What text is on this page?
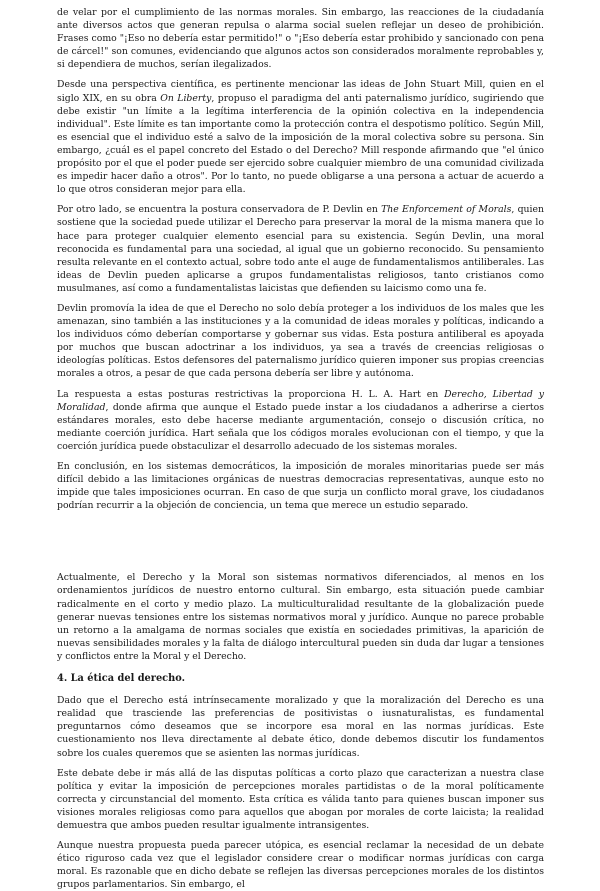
de velar por el cumplimiento de las normas morales. Sin embargo, las reacciones de la ciudadanía ante diversos actos que generan repulsa o alarma social suelen reflejar un deseo de prohibición. Frases como "¡Eso no debería estar permitido!" o "¡Eso debería estar prohibido y sancionado con pena de cárcel!" son comunes, evidenciando que algunos actos son considerados moralmente reprobables y, si dependiera de muchos, serían ilegalizados.

Desde una perspectiva científica, es pertinente mencionar las ideas de John Stuart Mill, quien en el siglo XIX, en su obra On Liberty, propuso el paradigma del anti paternalismo jurídico, sugiriendo que debe existir "un límite a la legítima interferencia de la opinión colectiva en la independencia individual". Este límite es tan importante como la protección contra el despotismo político. Según Mill, es esencial que el individuo esté a salvo de la imposición de la moral colectiva sobre su persona. Sin embargo, ¿cuál es el papel concreto del Estado o del Derecho? Mill responde afirmando que "el único propósito por el que el poder puede ser ejercido sobre cualquier miembro de una comunidad civilizada es impedir hacer daño a otros". Por lo tanto, no puede obligarse a una persona a actuar de acuerdo a lo que otros consideran mejor para ella.

Por otro lado, se encuentra la postura conservadora de P. Devlin en The Enforcement of Morals, quien sostiene que la sociedad puede utilizar el Derecho para preservar la moral de la misma manera que lo hace para proteger cualquier elemento esencial para su existencia. Según Devlin, una moral reconocida es fundamental para una sociedad, al igual que un gobierno reconocido. Su pensamiento resulta relevante en el contexto actual, sobre todo ante el auge de fundamentalismos antiliberales. Las ideas de Devlin pueden aplicarse a grupos fundamentalistas religiosos, tanto cristianos como musulmanes, así como a fundamentalistas laicistas que defienden su laicismo como una fe.

Devlin promovía la idea de que el Derecho no solo debía proteger a los individuos de los males que les amenazan, sino también a las instituciones y a la comunidad de ideas morales y políticas, indicando a los individuos cómo deberían comportarse y gobernar sus vidas. Esta postura antiliberal es apoyada por muchos que buscan adoctrinar a los individuos, ya sea a través de creencias religiosas o ideologías políticas. Estos defensores del paternalismo jurídico quieren imponer sus propias creencias morales a otros, a pesar de que cada persona debería ser libre y autónoma.

La respuesta a estas posturas restrictivas la proporciona H. L. A. Hart en Derecho, Libertad y Moralidad, donde afirma que aunque el Estado puede instar a los ciudadanos a adherirse a ciertos estándares morales, esto debe hacerse mediante argumentación, consejo o discusión crítica, no mediante coerción jurídica. Hart señala que los códigos morales evolucionan con el tiempo, y que la coerción jurídica puede obstaculizar el desarrollo adecuado de los sistemas morales.

En conclusión, en los sistemas democráticos, la imposición de morales minoritarias puede ser más difícil debido a las limitaciones orgánicas de nuestras democracias representativas, aunque esto no impide que tales imposiciones ocurran. En caso de que surja un conflicto moral grave, los ciudadanos podrían recurrir a la objeción de conciencia, un tema que merece un estudio separado.

Actualmente, el Derecho y la Moral son sistemas normativos diferenciados, al menos en los ordenamientos jurídicos de nuestro entorno cultural. Sin embargo, esta situación puede cambiar radicalmente en el corto y medio plazo. La multiculturalidad resultante de la globalización puede generar nuevas tensiones entre los sistemas normativos moral y jurídico. Aunque no parece probable un retorno a la amalgama de normas sociales que existía en sociedades primitivas, la aparición de nuevas sensibilidades morales y la falta de diálogo intercultural pueden sin duda dar lugar a tensiones y conflictos entre la Moral y el Derecho.

4. La ética del derecho.

Dado que el Derecho está intrínsecamente moralizado y que la moralización del Derecho es una realidad que trasciende las preferencias de positivistas o iusnaturalistas, es fundamental preguntarnos cómo deseamos que se incorpore esa moral en las normas jurídicas. Este cuestionamiento nos lleva directamente al debate ético, donde debemos discutir los fundamentos sobre los cuales queremos que se asienten las normas jurídicas.

Este debate debe ir más allá de las disputas políticas a corto plazo que caracterizan a nuestra clase política y evitar la imposición de percepciones morales partidistas o de la moral políticamente correcta y circunstancial del momento. Esta crítica es válida tanto para quienes buscan imponer sus visiones morales religiosas como para aquellos que abogan por morales de corte laicista; la realidad demuestra que ambos pueden resultar igualmente intransigentes.

Aunque nuestra propuesta pueda parecer utópica, es esencial reclamar la necesidad de un debate ético riguroso cada vez que el legislador considere crear o modificar normas jurídicas con carga moral. Es razonable que en dicho debate se reflejen las diversas percepciones morales de los distintos grupos parlamentarios. Sin embargo, el
